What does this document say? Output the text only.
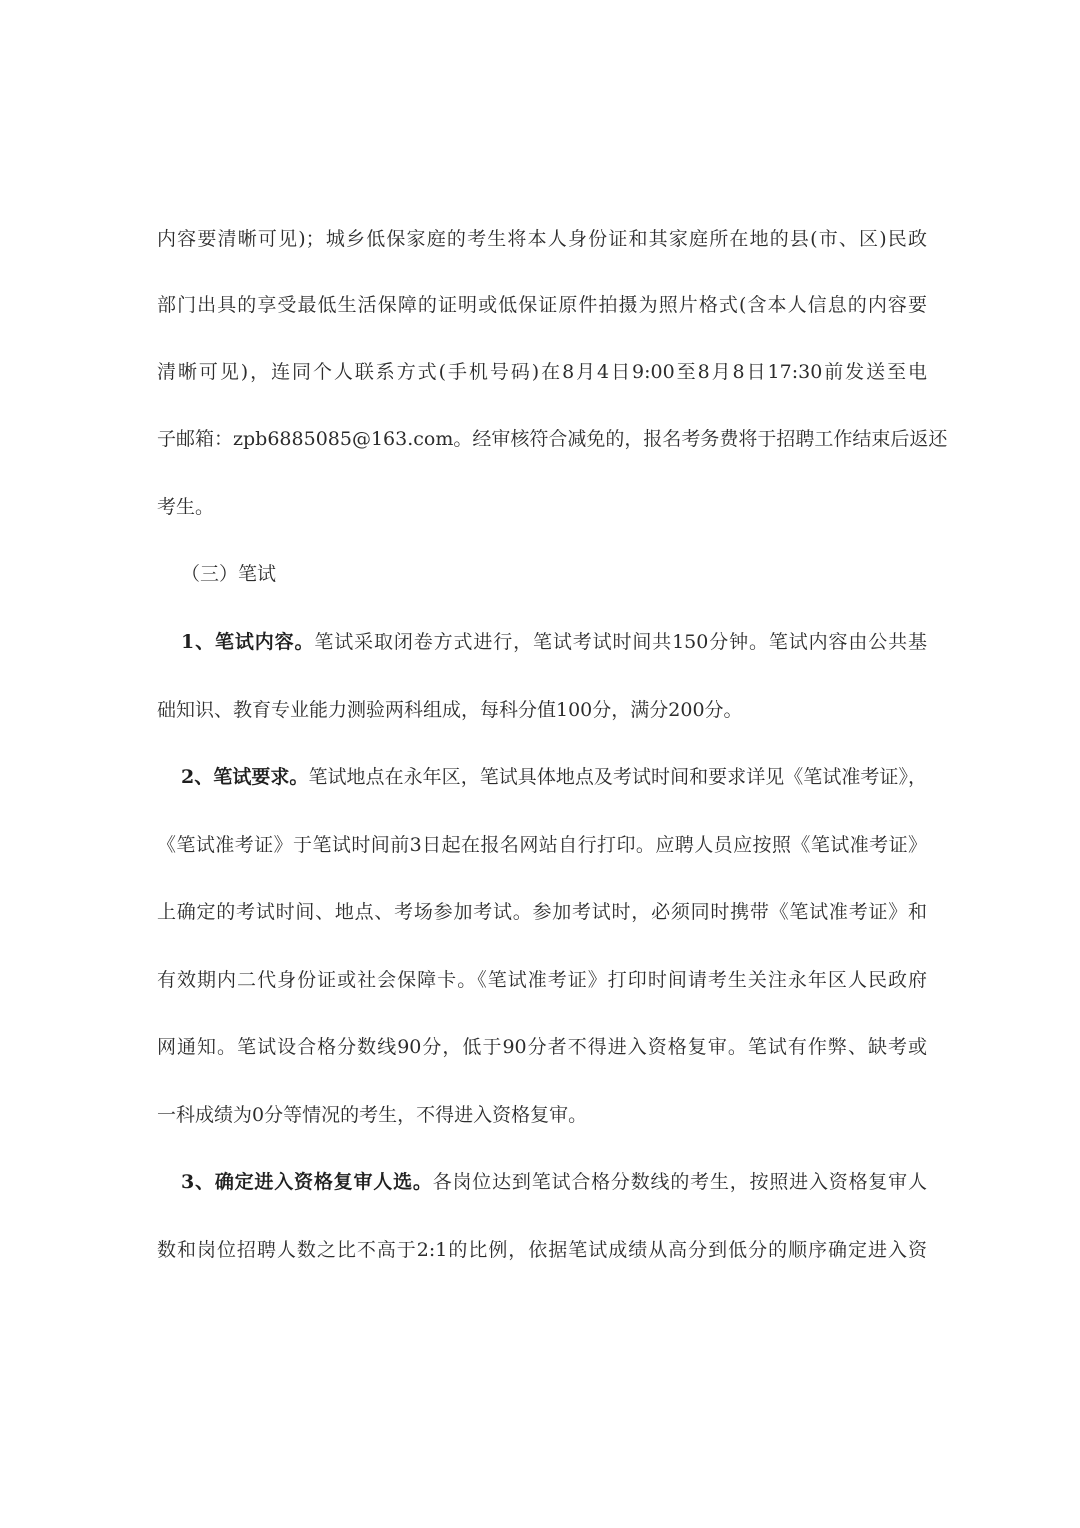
内容要清晰可见)；城乡低保家庭的考生将本人身份证和其家庭所在地的县(市、区)民政
部门出具的享受最低生活保障的证明或低保证原件拍摄为照片格式(含本人信息的内容要
清晰可见)，连同个人联系方式(手机号码)在8月4日9:00至8月8日17:30前发送至电
子邮箱：zpb6885085@163.com。经审核符合减免的，报名考务费将于招聘工作结束后返还
考生。
（三）笔试
1、笔试内容。笔试采取闭卷方式进行，笔试考试时间共150分钟。笔试内容由公共基
础知识、教育专业能力测验两科组成，每科分值100分，满分200分。
2、笔试要求。笔试地点在永年区，笔试具体地点及考试时间和要求详见《笔试准考证》，
《笔试准考证》于笔试时间前3日起在报名网站自行打印。应聘人员应按照《笔试准考证》
上确定的考试时间、地点、考场参加考试。参加考试时，必须同时携带《笔试准考证》和
有效期内二代身份证或社会保障卡。《笔试准考证》打印时间请考生关注永年区人民政府
网通知。笔试设合格分数线90分，低于90分者不得进入资格复审。笔试有作弊、缺考或
一科成绩为0分等情况的考生，不得进入资格复审。
3、确定进入资格复审人选。各岗位达到笔试合格分数线的考生，按照进入资格复审人
数和岗位招聘人数之比不高于2:1的比例，依据笔试成绩从高分到低分的顺序确定进入资
